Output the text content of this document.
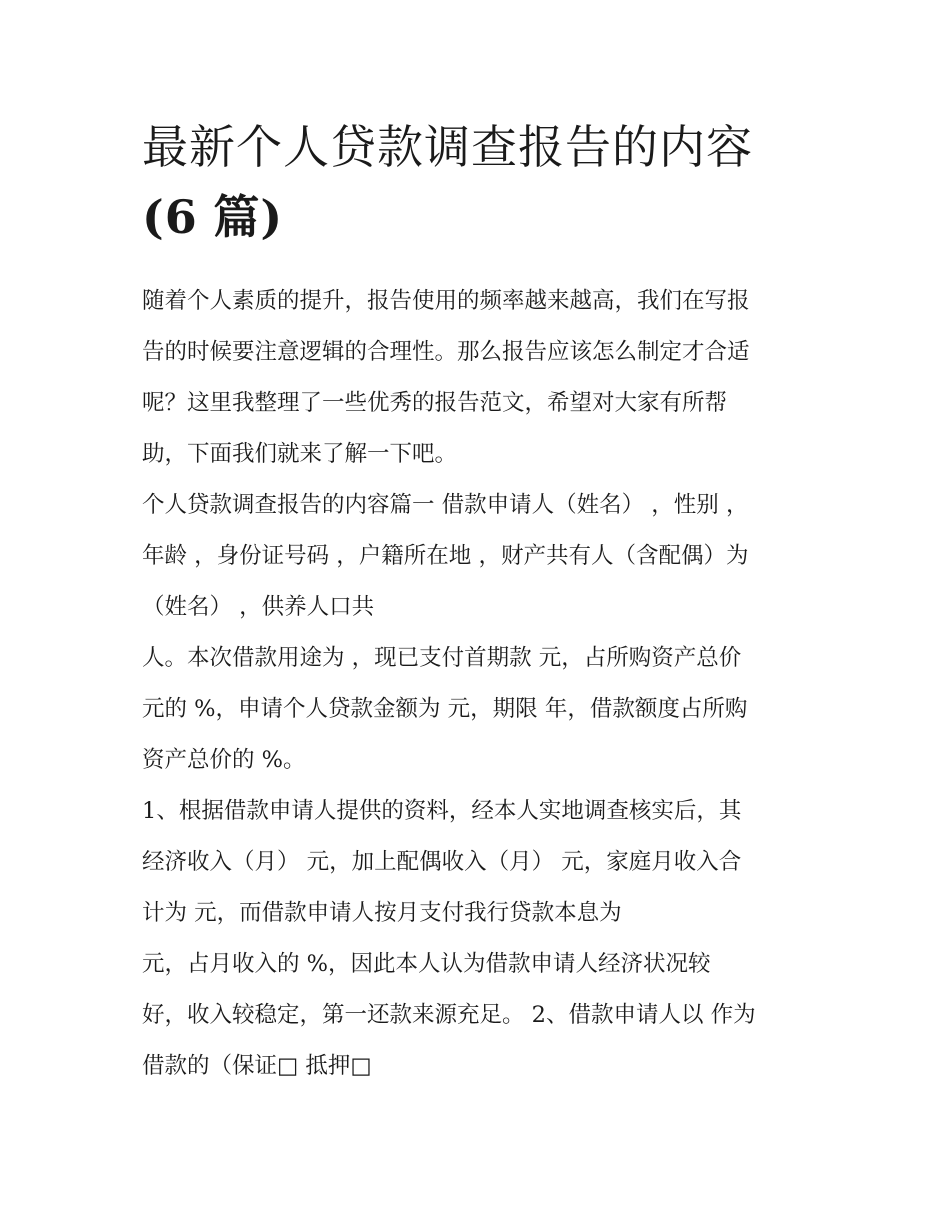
最新个人贷款调查报告的内容
(6 篇)
随着个人素质的提升，报告使用的频率越来越高，我们在写报
告的时候要注意逻辑的合理性。那么报告应该怎么制定才合适
呢？这里我整理了一些优秀的报告范文，希望对大家有所帮
助，下面我们就来了解一下吧。
个人贷款调查报告的内容篇一 借款申请人（姓名） ，性别 ，
年龄 ，身份证号码 ，户籍所在地 ，财产共有人（含配偶）为
（姓名） ，供养人口共
人。本次借款用途为 ，现已支付首期款 元，占所购资产总价
元的 %，申请个人贷款金额为 元，期限 年，借款额度占所购
资产总价的 %。
1、根据借款申请人提供的资料，经本人实地调查核实后，其
经济收入（月） 元，加上配偶收入（月） 元，家庭月收入合
计为 元，而借款申请人按月支付我行贷款本息为
元，占月收入的 %，因此本人认为借款申请人经济状况较
好，收入较稳定，第一还款来源充足。 2、借款申请人以 作为
借款的（保证□ 抵押□
